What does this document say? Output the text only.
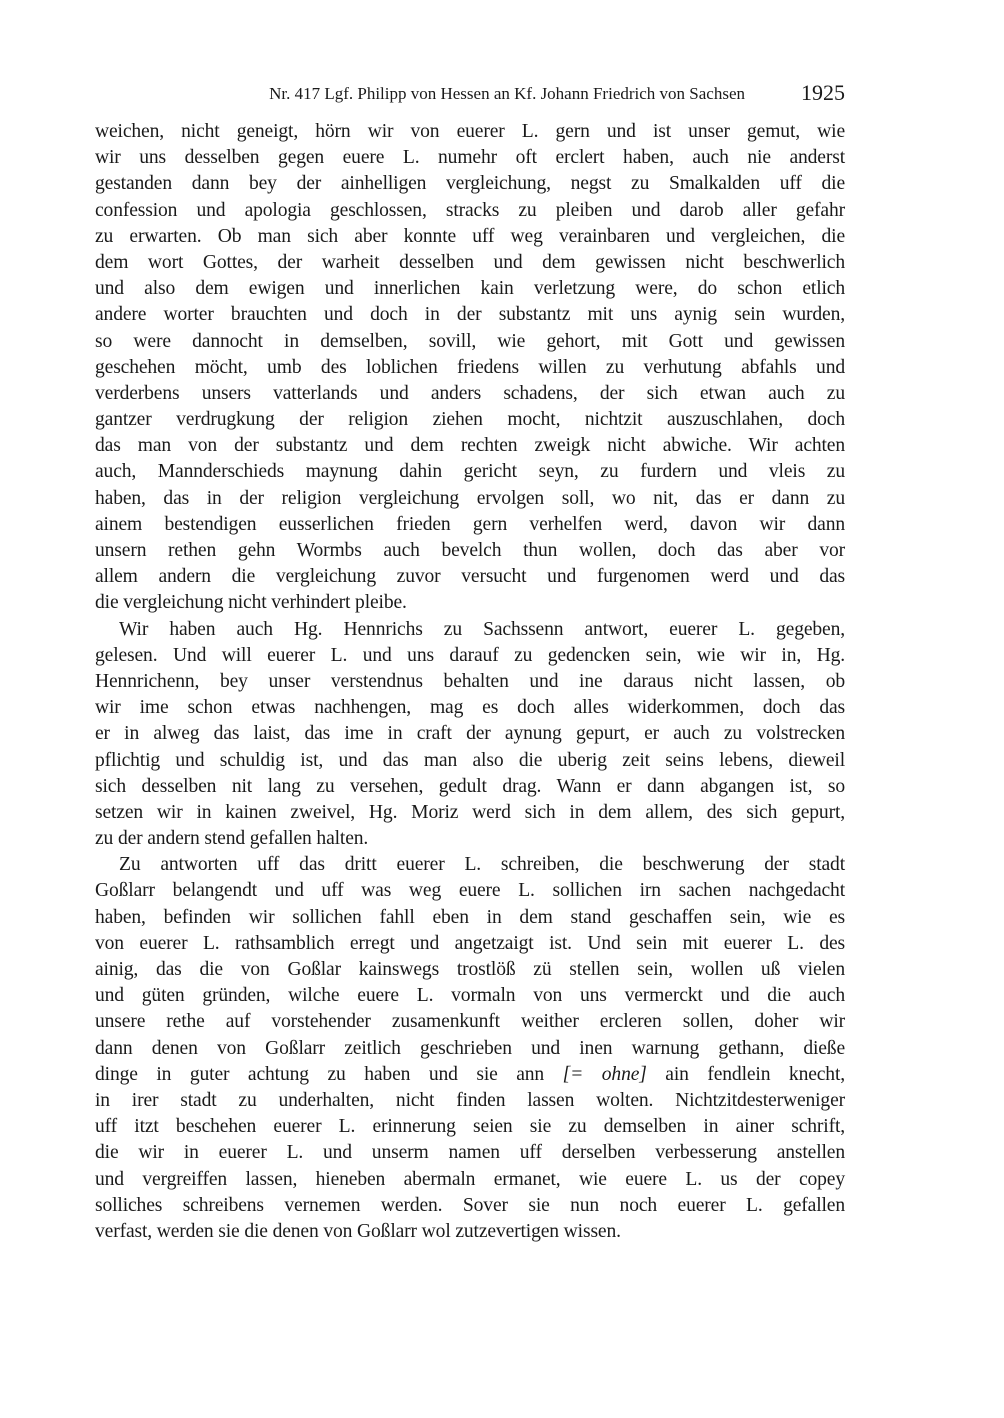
Nr. 417 Lgf. Philipp von Hessen an Kf. Johann Friedrich von Sachsen	1925
weichen, nicht geneigt, hörn wir von euerer L. gern und ist unser gemut, wie
wir uns desselben gegen euere L. numehr oft erclert haben, auch nie anderst
gestanden dann bey der ainhelligen vergleichung, negst zu Smalkalden uff die
confession und apologia geschlossen, stracks zu pleiben und darob aller gefahr
zu erwarten. Ob man sich aber konnte uff weg verainbaren und vergleichen, die
dem wort Gottes, der warheit desselben und dem gewissen nicht beschwerlich
und also dem ewigen und innerlichen kain verletzung were, do schon etlich
andere worter brauchten und doch in der substantz mit uns aynig sein wurden,
so were dannocht in demselben, sovill, wie gehort, mit Gott und gewissen
geschehen möcht, umb des loblichen friedens willen zu verhutung abfahls und
verderbens unsers vatterlands und anders schadens, der sich etwan auch zu
gantzer verdrugkung der religion ziehen mocht, nichtzit auszuschlahen, doch
das man von der substantz und dem rechten zweigk nicht abwiche. Wir achten
auch, Mannderschieds maynung dahin gericht seyn, zu furdern und vleis zu
haben, das in der religion vergleichung ervolgen soll, wo nit, das er dann zu
ainem bestendigen eusserlichen frieden gern verhelfen werd, davon wir dann
unsern rethen gehn Wormbs auch bevelch thun wollen, doch das aber vor
allem andern die vergleichung zuvor versucht und furgenomen werd und das
die vergleichung nicht verhindert pleibe.
Wir haben auch Hg. Hennrichs zu Sachssenn antwort, euerer L. gegeben,
gelesen. Und will euerer L. und uns darauf zu gedencken sein, wie wir in, Hg.
Hennrichenn, bey unser verstendnus behalten und ine daraus nicht lassen, ob
wir ime schon etwas nachhengen, mag es doch alles widerkommen, doch das
er in alweg das laist, das ime in craft der aynung gepurt, er auch zu volstrecken
pflichtig und schuldig ist, und das man also die uberig zeit seins lebens, dieweil
sich desselben nit lang zu versehen, gedult drag. Wann er dann abgangen ist, so
setzen wir in kainen zweivel, Hg. Moriz werd sich in dem allem, des sich gepurt,
zu der andern stend gefallen halten.
Zu antworten uff das dritt euerer L. schreiben, die beschwerung der stadt
Goßlarr belangendt und uff was weg euere L. sollichen irn sachen nachgedacht
haben, befinden wir sollichen fahll eben in dem stand geschaffen sein, wie es
von euerer L. rathsamblich erregt und angetzaigt ist. Und sein mit euerer L. des
ainig, das die von Goßlar kainswegs trostlöß zü stellen sein, wollen uß vielen
und güten gründen, wilche euere L. vormaln von uns vermerckt und die auch
unsere rethe auf vorstehender zusamenkunft weither ercleren sollen, doher wir
dann denen von Goßlarr zeitlich geschrieben und inen warnung gethann, dieße
dinge in guter achtung zu haben und sie ann [= ohne] ain fendlein knecht,
in irer stadt zu underhalten, nicht finden lassen wolten. Nichtzitdesterweniger
uff itzt beschehen euerer L. erinnerung seien sie zu demselben in ainer schrift,
die wir in euerer L. und unserm namen uff derselben verbesserung anstellen
und vergreiffen lassen, hieneben abermaln ermanet, wie euere L. us der copey
solliches schreibens vernemen werden. Sover sie nun noch euerer L. gefallen
verfast, werden sie die denen von Goßlarr wol zutzevertigen wissen.
